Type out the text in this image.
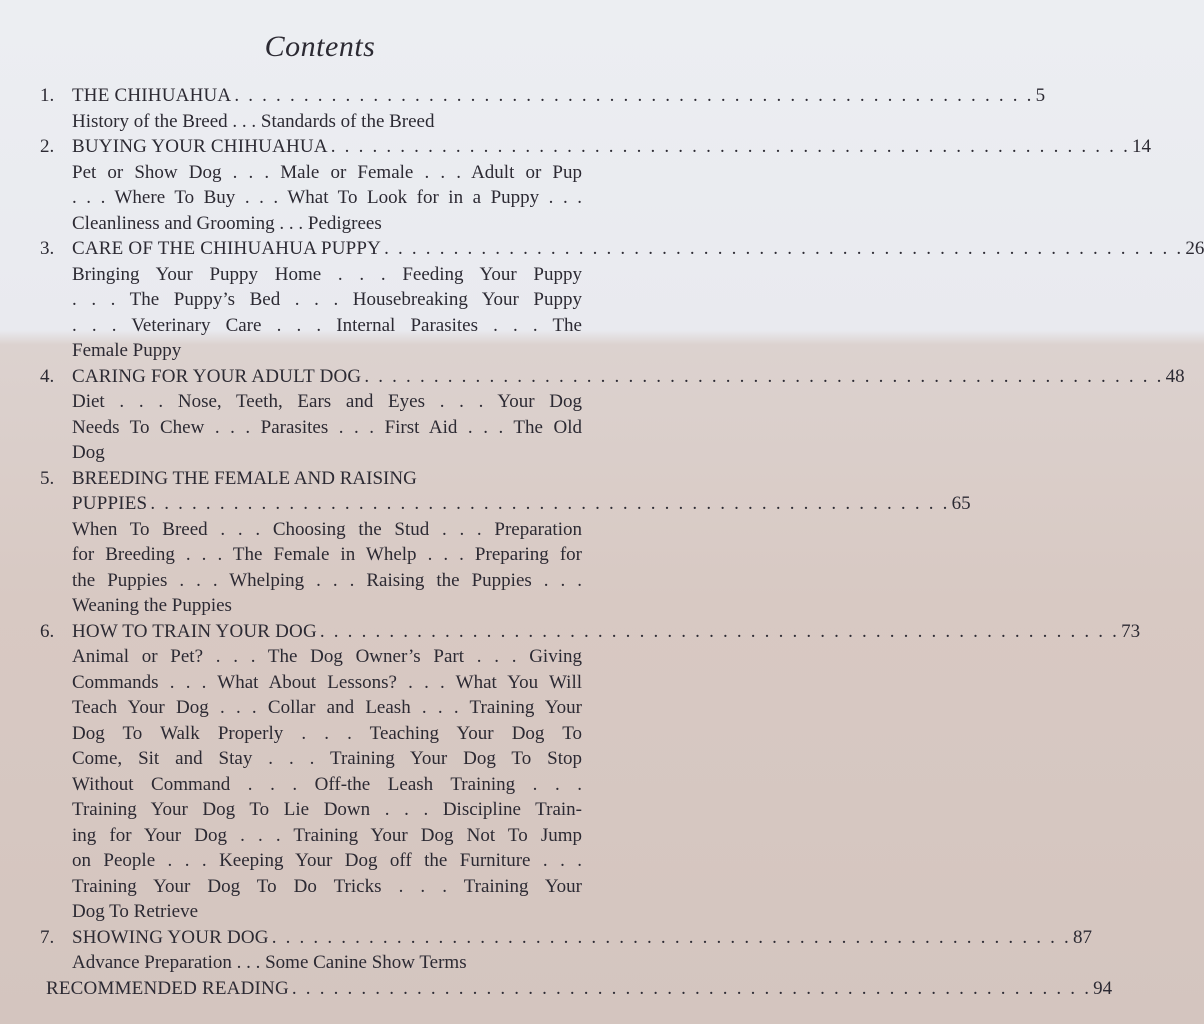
Contents
1. THE CHIHUAHUA . . . . . . . . . . . . . . . . . . . . . . . . . . . . . . . . . . . . . . . . . . . . . . . . . . . . . . . . . . 5
History of the Breed . . . Standards of the Breed
2. BUYING YOUR CHIHUAHUA . . . . . . . . . . . . . . . . . . . . . . . . . . . . . . . . . . . . . . . . . . . . . . . . . . . . . . . . . . 14
Pet or Show Dog . . . Male or Female . . . Adult or Pup
. . . Where To Buy . . . What To Look for in a Puppy . . .
Cleanliness and Grooming . . . Pedigrees
3. CARE OF THE CHIHUAHUA PUPPY . . . . . . . . . . . . . . . . . . . . . . . . . . . . . . . . . . . . . . . . . . . . . . . . . . . . . . . . . . 26
Bringing Your Puppy Home . . . Feeding Your Puppy
. . . The Puppy’s Bed . . . Housebreaking Your Puppy
. . . Veterinary Care . . . Internal Parasites . . . The
Female Puppy
4. CARING FOR YOUR ADULT DOG . . . . . . . . . . . . . . . . . . . . . . . . . . . . . . . . . . . . . . . . . . . . . . . . . . . . . . . . . . 48
Diet . . . Nose, Teeth, Ears and Eyes . . . Your Dog
Needs To Chew . . . Parasites . . . First Aid . . . The Old
Dog
5. BREEDING THE FEMALE AND RAISING
PUPPIES . . . . . . . . . . . . . . . . . . . . . . . . . . . . . . . . . . . . . . . . . . . . . . . . . . . . . . . . . . 65
When To Breed . . . Choosing the Stud . . . Preparation
for Breeding . . . The Female in Whelp . . . Preparing for
the Puppies . . . Whelping . . . Raising the Puppies . . .
Weaning the Puppies
6. HOW TO TRAIN YOUR DOG . . . . . . . . . . . . . . . . . . . . . . . . . . . . . . . . . . . . . . . . . . . . . . . . . . . . . . . . . . 73
Animal or Pet? . . . The Dog Owner’s Part . . . Giving
Commands . . . What About Lessons? . . . What You Will
Teach Your Dog . . . Collar and Leash . . . Training Your
Dog To Walk Properly . . . Teaching Your Dog To
Come, Sit and Stay . . . Training Your Dog To Stop
Without Command . . . Off-the Leash Training . . .
Training Your Dog To Lie Down . . . Discipline Train-
ing for Your Dog . . . Training Your Dog Not To Jump
on People . . . Keeping Your Dog off the Furniture . . .
Training Your Dog To Do Tricks . . . Training Your
Dog To Retrieve
7. SHOWING YOUR DOG . . . . . . . . . . . . . . . . . . . . . . . . . . . . . . . . . . . . . . . . . . . . . . . . . . . . . . . . . . 87
Advance Preparation . . . Some Canine Show Terms
RECOMMENDED READING . . . . . . . . . . . . . . . . . . . . . . . . . . . . . . . . . . . . . . . . . . . . . . . . . . . . . . . . . . 94
